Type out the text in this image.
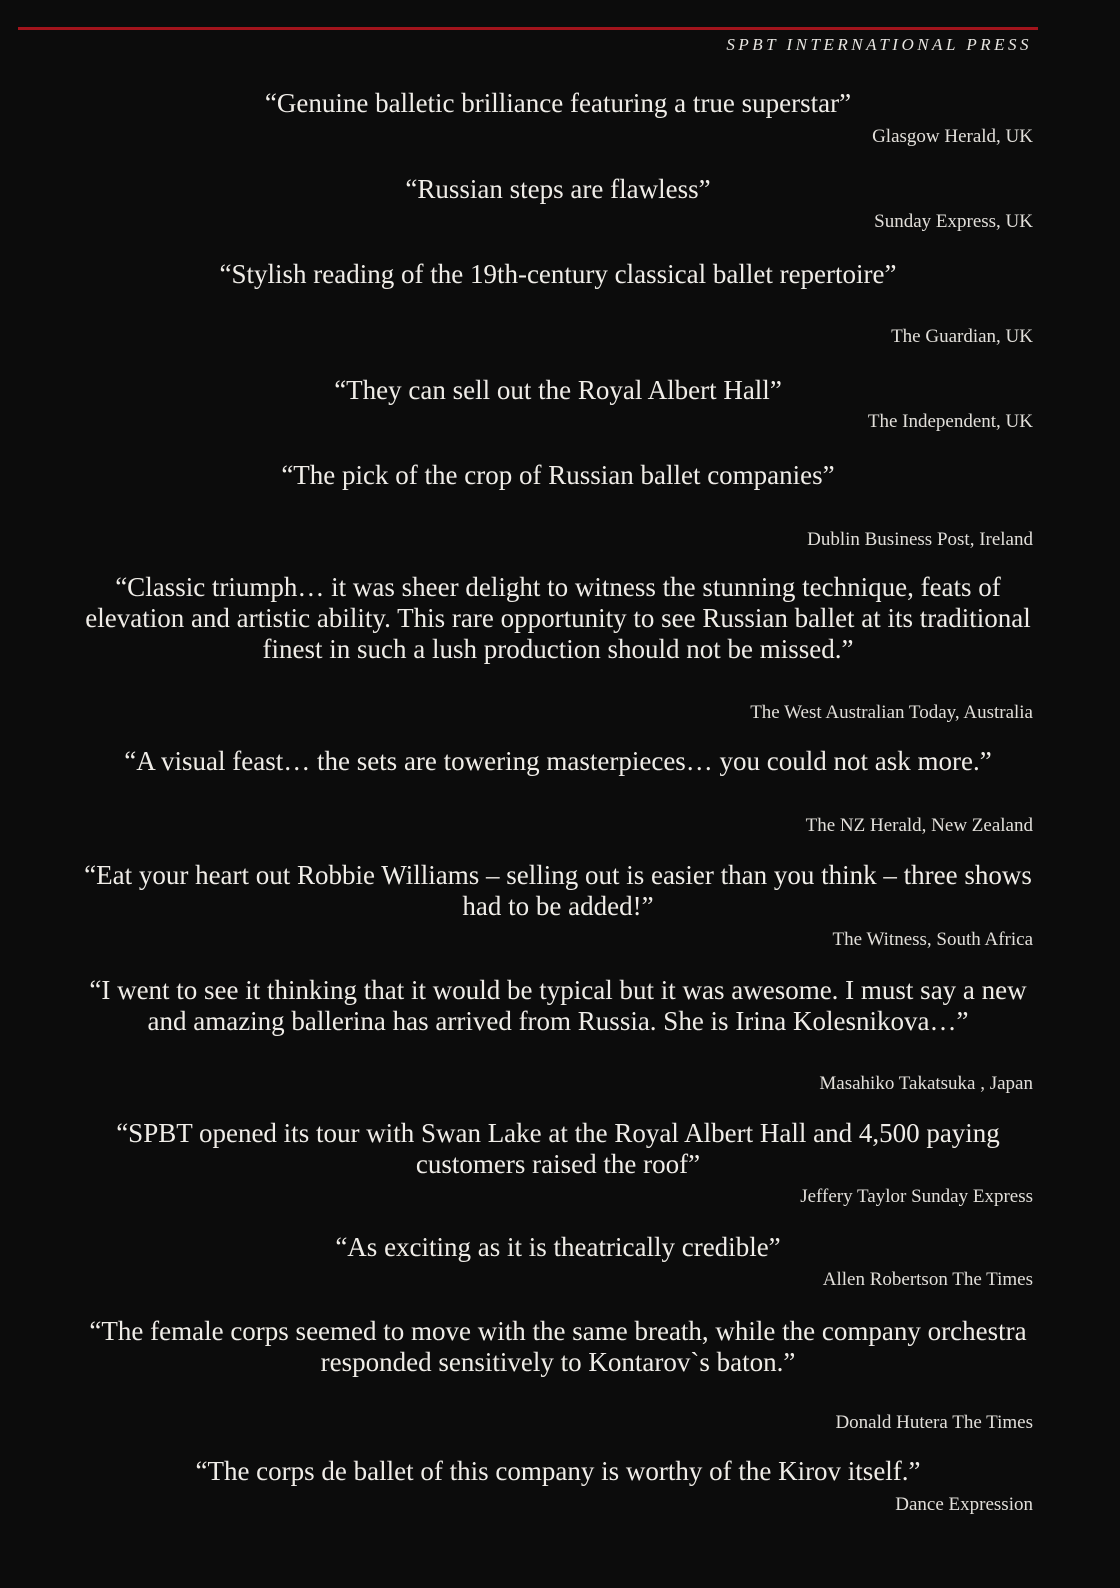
SPBT INTERNATIONAL PRESS
“Genuine balletic brilliance featuring a true superstar”
Glasgow Herald, UK
“Russian steps are flawless”
Sunday Express, UK
“Stylish reading of the 19th-century classical ballet repertoire”
The Guardian, UK
“They can sell out the Royal Albert Hall”
The Independent, UK
“The pick of the crop of Russian ballet companies”
Dublin Business Post, Ireland
“Classic triumph… it was sheer delight to witness the stunning technique, feats of elevation and artistic ability. This rare opportunity to see Russian ballet at its traditional finest in such a lush production should not be missed.”
The West Australian Today, Australia
“A visual feast… the sets are towering masterpieces… you could not ask more.”
The NZ Herald, New Zealand
“Eat your heart out Robbie Williams – selling out is easier than you think – three shows had to be added!”
The Witness, South Africa
“I went to see it thinking that it would be typical but it was awesome. I must say a new and amazing ballerina has arrived from Russia. She is Irina Kolesnikova…”
Masahiko Takatsuka , Japan
“SPBT opened its tour with Swan Lake at the Royal Albert Hall and 4,500 paying customers raised the roof”
Jeffery Taylor Sunday Express
“As exciting as it is theatrically credible”
Allen Robertson The Times
“The female corps seemed to move with the same breath, while the company orchestra responded sensitively to Kontarov`s baton.”
Donald Hutera The Times
“The corps de ballet of this company is worthy of the Kirov itself.”
Dance Expression
